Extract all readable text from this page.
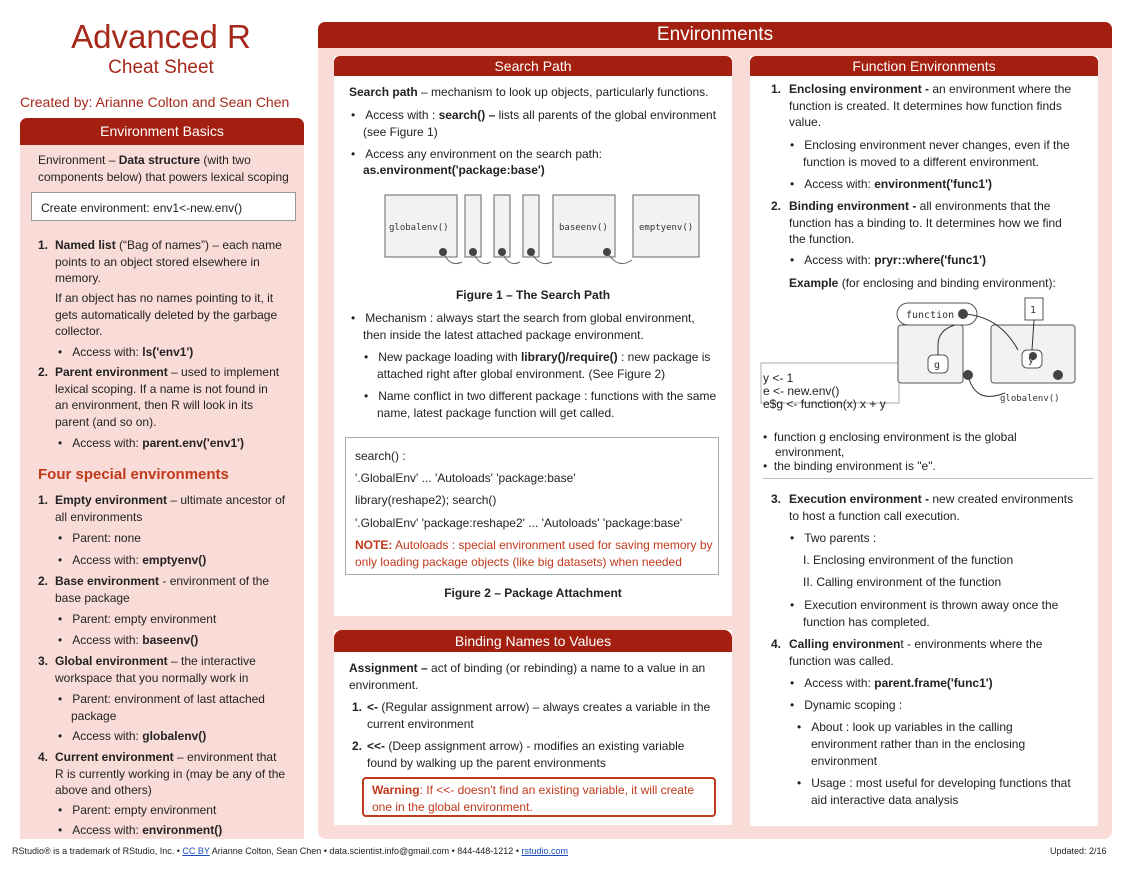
Advanced R
Cheat Sheet
Created by: Arianne Colton and Sean Chen
Environment Basics
Environment – Data structure (with two
components below) that powers lexical scoping
Create environment: env1<-new.env()
1. Named list (“Bag of names”) – each name
points to an object stored elsewhere in
memory.
If an object has no names pointing to it, it
gets automatically deleted by the garbage
collector.
•   Access with: ls('env1')
2. Parent environment – used to implement
lexical scoping. If a name is not found in
an environment, then R will look in its
parent (and so on).
•   Access with: parent.env('env1')
Four special environments
1. Empty environment – ultimate ancestor of
all environments
•   Parent: none
•   Access with: emptyenv()
2. Base environment - environment of the
base package
•   Parent: empty environment
•   Access with: baseenv()
3. Global environment – the interactive
workspace that you normally work in
•   Parent: environment of last attached
package
•   Access with: globalenv()
4. Current environment – environment that
R is currently working in (may be any of the
above and others)
•   Parent: empty environment
•   Access with: environment()
Environments
Search Path
Search path – mechanism to look up objects, particularly functions.
•   Access with : search() – lists all parents of the global environment
(see Figure 1)
•   Access any environment on the search path:
as.environment('package:base')
globalenv()	baseenv()	emptyenv()
Figure 1 – The Search Path
•   Mechanism : always start the search from global environment,
then inside the latest attached package environment.
•   New package loading with library()/require() : new package is
attached right after global environment. (See Figure 2)
•   Name conflict in two different package : functions with the same
name, latest package function will get called.
search() :
'.GlobalEnv' ... 'Autoloads' 'package:base'
library(reshape2); search()
'.GlobalEnv' 'package:reshape2' ... 'Autoloads' 'package:base'
NOTE: Autoloads : special environment used for saving memory by
only loading package objects (like big datasets) when needed
Figure 2 – Package Attachment
Binding Names to Values
Assignment – act of binding (or rebinding) a name to a value in an
environment.
1. <- (Regular assignment arrow) – always creates a variable in the
current environment
2. <<- (Deep assignment arrow) - modifies an existing variable
found by walking up the parent environments
Warning: If <<- doesn't find an existing variable, it will create
one in the global environment.
Function Environments
1. Enclosing environment - an environment where the
function is created. It determines how function finds
value.
•   Enclosing environment never changes, even if the
function is moved to a different environment.
•   Access with: environment('func1')
2. Binding environment - all environments that the
function has a binding to. It determines how we find
the function.
•   Access with: pryr::where('func1')
Example (for enclosing and binding environment):
function	1
g	y
globalenv()
y <- 1
e <- new.env()
e$g <- function(x) x + y
•  function g enclosing environment is the global
environment,
•  the binding environment is "e".
3. Execution environment - new created environments
to host a function call execution.
•   Two parents :
I. Enclosing environment of the function
II. Calling environment of the function
•   Execution environment is thrown away once the
function has completed.
4. Calling environment - environments where the
function was called.
•   Access with: parent.frame('func1')
•   Dynamic scoping :
•   About : look up variables in the calling
environment rather than in the enclosing
environment
•   Usage : most useful for developing functions that
aid interactive data analysis
RStudio® is a trademark of RStudio, Inc. • CC BY Arianne Colton, Sean Chen • data.scientist.info@gmail.com • 844-448-1212 • rstudio.com	Updated: 2/16
